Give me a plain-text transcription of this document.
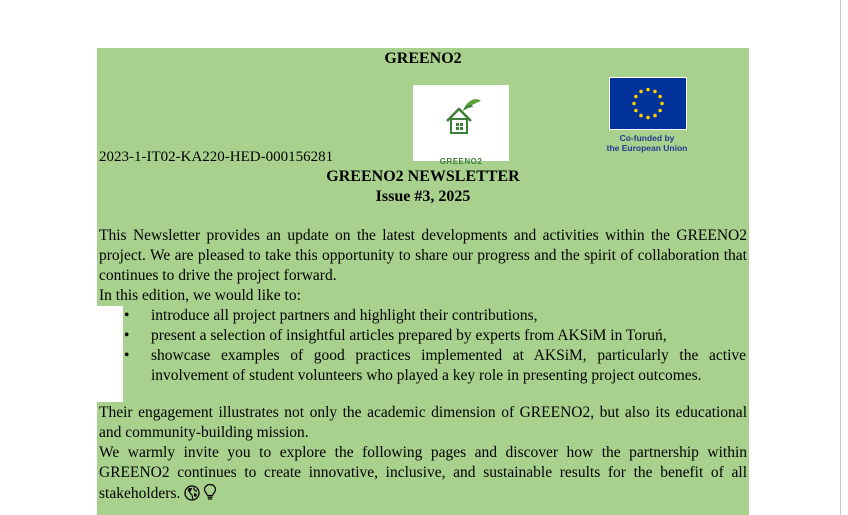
GREENO2
GREENO2
Co-funded by
the European Union
2023-1-IT02-KA220-HED-000156281
GREENO2 NEWSLETTER
Issue #3, 2025
This Newsletter provides an update on the latest developments and activities within the GREENO2 project. We are pleased to take this opportunity to share our progress and the spirit of collaboration that continues to drive the project forward.
In this edition, we would like to:
•	introduce all project partners and highlight their contributions,
•	present a selection of insightful articles prepared by experts from AKSiM in Toruń,
•	showcase examples of good practices implemented at AKSiM, particularly the active involvement of student volunteers who played a key role in presenting project outcomes.
Their engagement illustrates not only the academic dimension of GREENO2, but also its educational and community-building mission.
We warmly invite you to explore the following pages and discover how the partnership within GREENO2 continues to create innovative, inclusive, and sustainable results for the benefit of all stakeholders.
